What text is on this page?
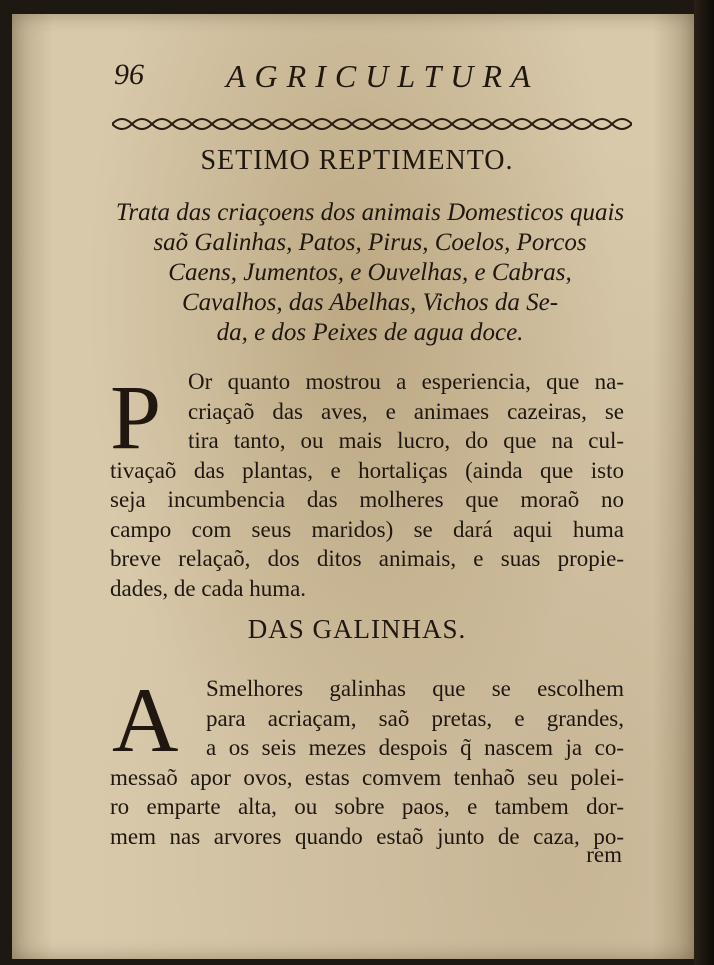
96	AGRICULTURA
SETIMO REPTIMENTO.
Trata das criaçoens dos animais Domesticos quais
saõ Galinhas, Patos, Pirus, Coelos, Porcos
Caens, Jumentos, e Ouvelhas, e Cabras,
Cavalhos, das Abelhas, Vichos da Se-
da, e dos Peixes de agua doce.
P Or quanto mostrou a esperiencia, que na-
criaçaõ das aves, e animaes cazeiras, se
tira tanto, ou mais lucro, do que na cul-
tivaçaõ das plantas, e hortaliças (ainda que isto
seja incumbencia das molheres que moraõ no
campo com seus maridos) se dará aqui huma
breve relaçaõ, dos ditos animais, e suas propie-
dades, de cada huma.
DAS GALINHAS.
A Smelhores galinhas que se escolhem
para acriaçam, saõ pretas, e grandes,
a os seis mezes despois q̃ nascem ja co-
messaõ apor ovos, estas comvem tenhaõ seu polei-
ro emparte alta, ou sobre paos, e tambem dor-
mem nas arvores quando estaõ junto de caza, po-
rem
